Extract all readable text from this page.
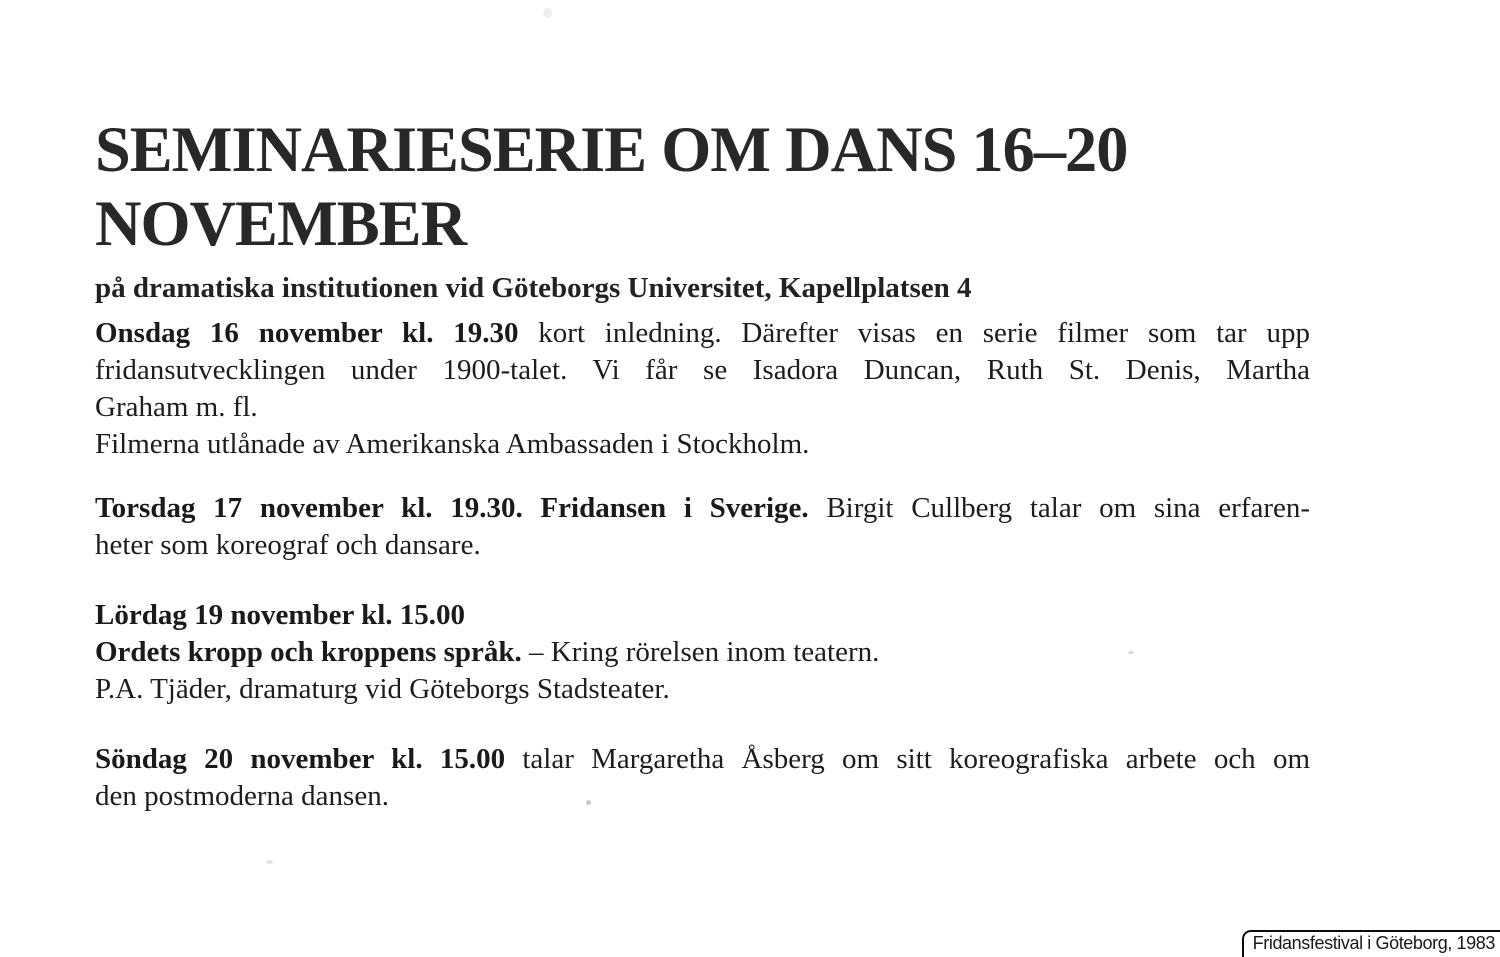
SEMINARIESERIE OM DANS 16–20
NOVEMBER
på dramatiska institutionen vid Göteborgs Universitet, Kapellplatsen 4
Onsdag 16 november kl. 19.30 kort inledning. Därefter visas en serie filmer som tar upp
fridansutvecklingen under 1900-talet. Vi får se Isadora Duncan, Ruth St. Denis, Martha
Graham m. fl.
Filmerna utlånade av Amerikanska Ambassaden i Stockholm.
Torsdag 17 november kl. 19.30. Fridansen i Sverige. Birgit Cullberg talar om sina erfaren-
heter som koreograf och dansare.
Lördag 19 november kl. 15.00
Ordets kropp och kroppens språk. – Kring rörelsen inom teatern.
P.A. Tjäder, dramaturg vid Göteborgs Stadsteater.
Söndag 20 november kl. 15.00 talar Margaretha Åsberg om sitt koreografiska arbete och om
den postmoderna dansen.
Fridansfestival i Göteborg, 1983
